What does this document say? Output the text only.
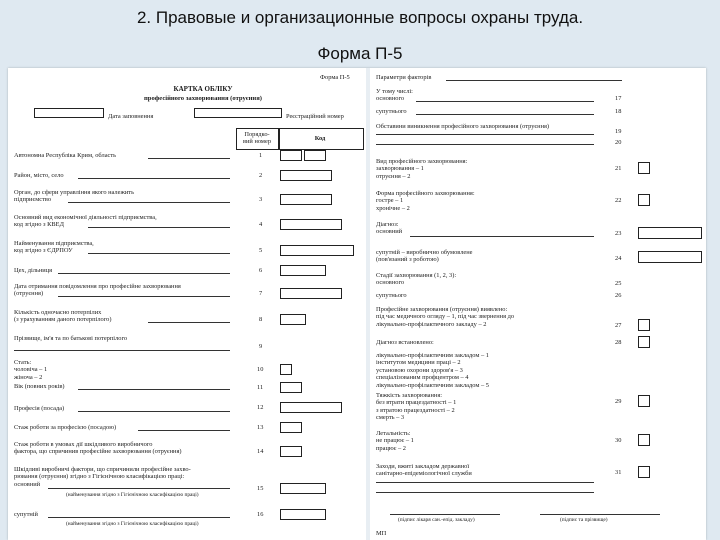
2. Правовые и организационные вопросы охраны труда.
Форма П-5
Форма П-5
КАРТКА ОБЛІКУ
професійного захворювання (отруєння)
Дата заповнення	Реєстраційний номер
Порядко-
вий номер	Код
Автономна Республіка Крим, область	1
Район, місто, село	2
Орган, до сфери управління якого належить
підприємство	3
Основний вид економічної діяльності підприємства,
код згідно з КВЕД	4
Найменування підприємства,
код згідно з ЄДРПОУ	5
Цех, дільниця	6
Дата отримання повідомлення про професійне захворювання
(отруєння)	7
Кількість одночасно потерпілих
(з урахуванням даного потерпілого)	8
Прізвище, ім'я та по батькові потерпілого
9
Стать:
чоловіча – 1
жіноча – 2
10
Вік (повних років)	11
Професія (посада)	12
Стаж роботи за професією (посадою)	13
Стаж роботи в умовах дії шкідливого виробничого
фактора, що спричинив професійне захворювання (отруєння)	14
Шкідливі виробничі фактори, що спричинили професійне захво-
рювання (отруєння) згідно з Гігієнічною класифікацією праці:
основний
(найменування згідно з Гігієнічною класифікацією праці)
15
супутній
(найменування згідно з Гігієнічною класифікацією праці)
16
Параметри факторів
У тому числі:
основного	17
супутнього	18
Обставини виникнення професійного захворювання (отруєння)
19
20
Вид професійного захворювання:
захворювання – 1
отруєння – 2
21
Форма професійного захворювання:
гостре – 1
хронічне – 2
22
Діагноз:
основний	23
супутній – виробнично обумовлене
(пов'язаний з роботою)	24
Стадії захворювання (1, 2, 3):
основного	25
супутнього	26
Професійне захворювання (отруєння) виявлено:
під час медичного огляду – 1, під час звернення до
лікувально-профілактичного закладу – 2	27
Діагноз встановлено:	28
лікувально-профілактичним закладом – 1
інститутом медицини праці – 2
установою охорони здоров'я – 3
спеціалізованим профцентром – 4
лікувально-профілактичним закладом – 5
Тяжкість захворювання:
без втрати працездатності – 1
з втратою працездатності – 2
смерть – 3
29
Летальність:
не працює – 1
працює – 2
30
Заходи, вжиті закладом державної
санітарно-епідеміологічної служби	31
(підпис лікаря сан.-епід. закладу)	(підпис та прізвище)
МП
